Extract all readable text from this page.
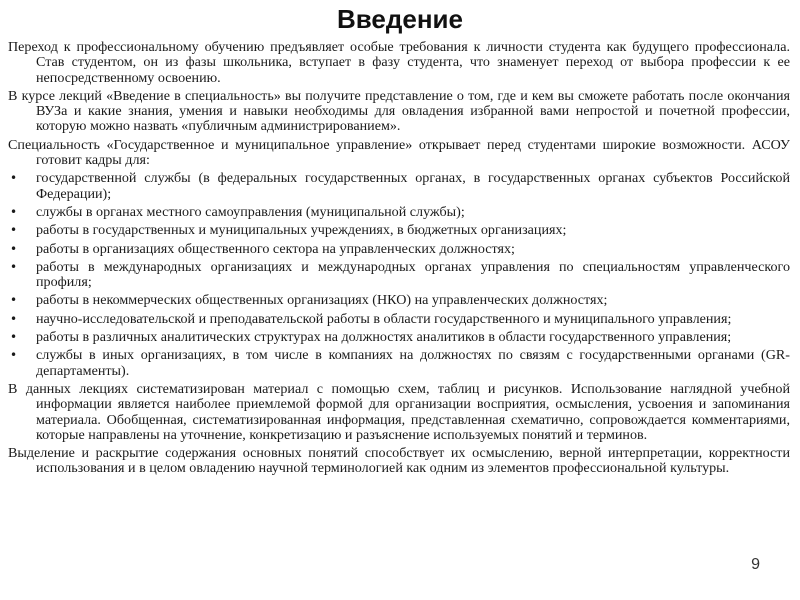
Введение

Переход к профессиональному обучению предъявляет особые требования к личности студента как будущего профессионала. Став студентом, он из фазы школьника, вступает в фазу студента, что знаменует переход от выбора профессии к ее непосредственному освоению.

В курсе лекций «Введение в специальность» вы получите представление о том, где и кем вы сможете работать после окончания ВУЗа и какие знания, умения и навыки необходимы для овладения избранной вами непростой и почетной профессии, которую можно назвать «публичным администрированием».

Специальность «Государственное и муниципальное управление» открывает перед студентами широкие возможности. АСОУ готовит кадры для:

• государственной службы (в федеральных государственных органах, в государственных органах субъектов Российской Федерации);
• службы в органах местного самоуправления (муниципальной службы);
• работы в государственных и муниципальных учреждениях, в бюджетных организациях;
• работы в организациях общественного сектора на управленческих должностях;
• работы в международных организациях и международных органах управления по специальностям управленческого профиля;
• работы в некоммерческих общественных организациях (НКО) на управленческих должностях;
• научно-исследовательской и преподавательской работы в области государственного и муниципального управления;
• работы в различных аналитических структурах на должностях аналитиков в области государственного управления;
• службы в иных организациях, в том числе в компаниях на должностях по связям с государственными органами (GR-департаменты).

В данных лекциях систематизирован материал с помощью схем, таблиц и рисунков. Использование наглядной учебной информации является наиболее приемлемой формой для организации восприятия, осмысления, усвоения и запоминания материала. Обобщенная, систематизированная информация, представленная схематично, сопровождается комментариями, которые направлены на уточнение, конкретизацию и разъяснение используемых понятий и терминов.

Выделение и раскрытие содержания основных понятий способствует их осмыслению, верной интерпретации, корректности использования и в целом овладению научной терминологией как одним из элементов профессиональной культуры.

9
